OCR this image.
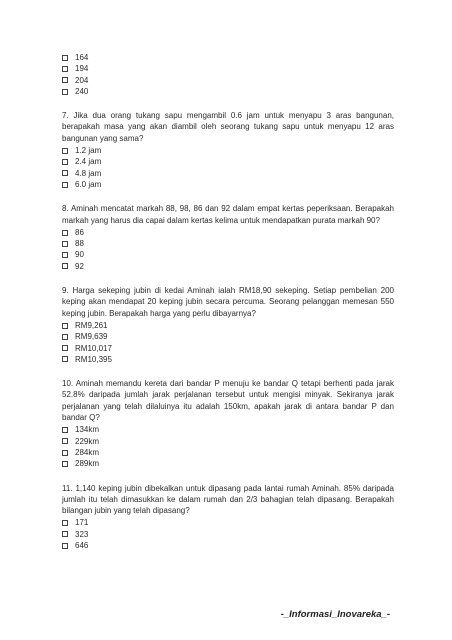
164
194
204
240

7. Jika dua orang tukang sapu mengambil 0.6 jam untuk menyapu 3 aras bangunan, berapakah masa yang akan diambil oleh seorang tukang sapu untuk menyapu 12 aras bangunan yang sama?

1.2 jam
2.4 jam
4.8 jam
6.0 jam

8. Aminah mencatat markah 88, 98, 86 dan 92 dalam empat kertas peperiksaan. Berapakah markah yang harus dia capai dalam kertas kelima untuk mendapatkan purata markah 90?

86
88
90
92

9. Harga sekeping jubin di kedai Aminah ialah RM18,90 sekeping. Setiap pembelian 200 keping akan mendapat 20 keping jubin secara percuma. Seorang pelanggan memesan 550 keping jubin. Berapakah harga yang perlu dibayarnya?

RM9,261
RM9,639
RM10,017
RM10,395

10. Aminah memandu kereta dari bandar P menuju ke bandar Q tetapi berhenti pada jarak 52.8% daripada jumlah jarak perjalanan tersebut untuk mengisi minyak. Sekiranya jarak perjalanan yang telah dilaluinya itu adalah 150km, apakah jarak di antara bandar P dan bandar Q?

134km
229km
284km
289km

11. 1,140 keping jubin dibekalkan untuk dipasang pada lantai rumah Aminah. 85% daripada jumlah itu telah dimasukkan ke dalam rumah dan 2/3 bahagian telah dipasang. Berapakah bilangan jubin yang telah dipasang?

171
323
646
-_Informasi_Inovareka_-
